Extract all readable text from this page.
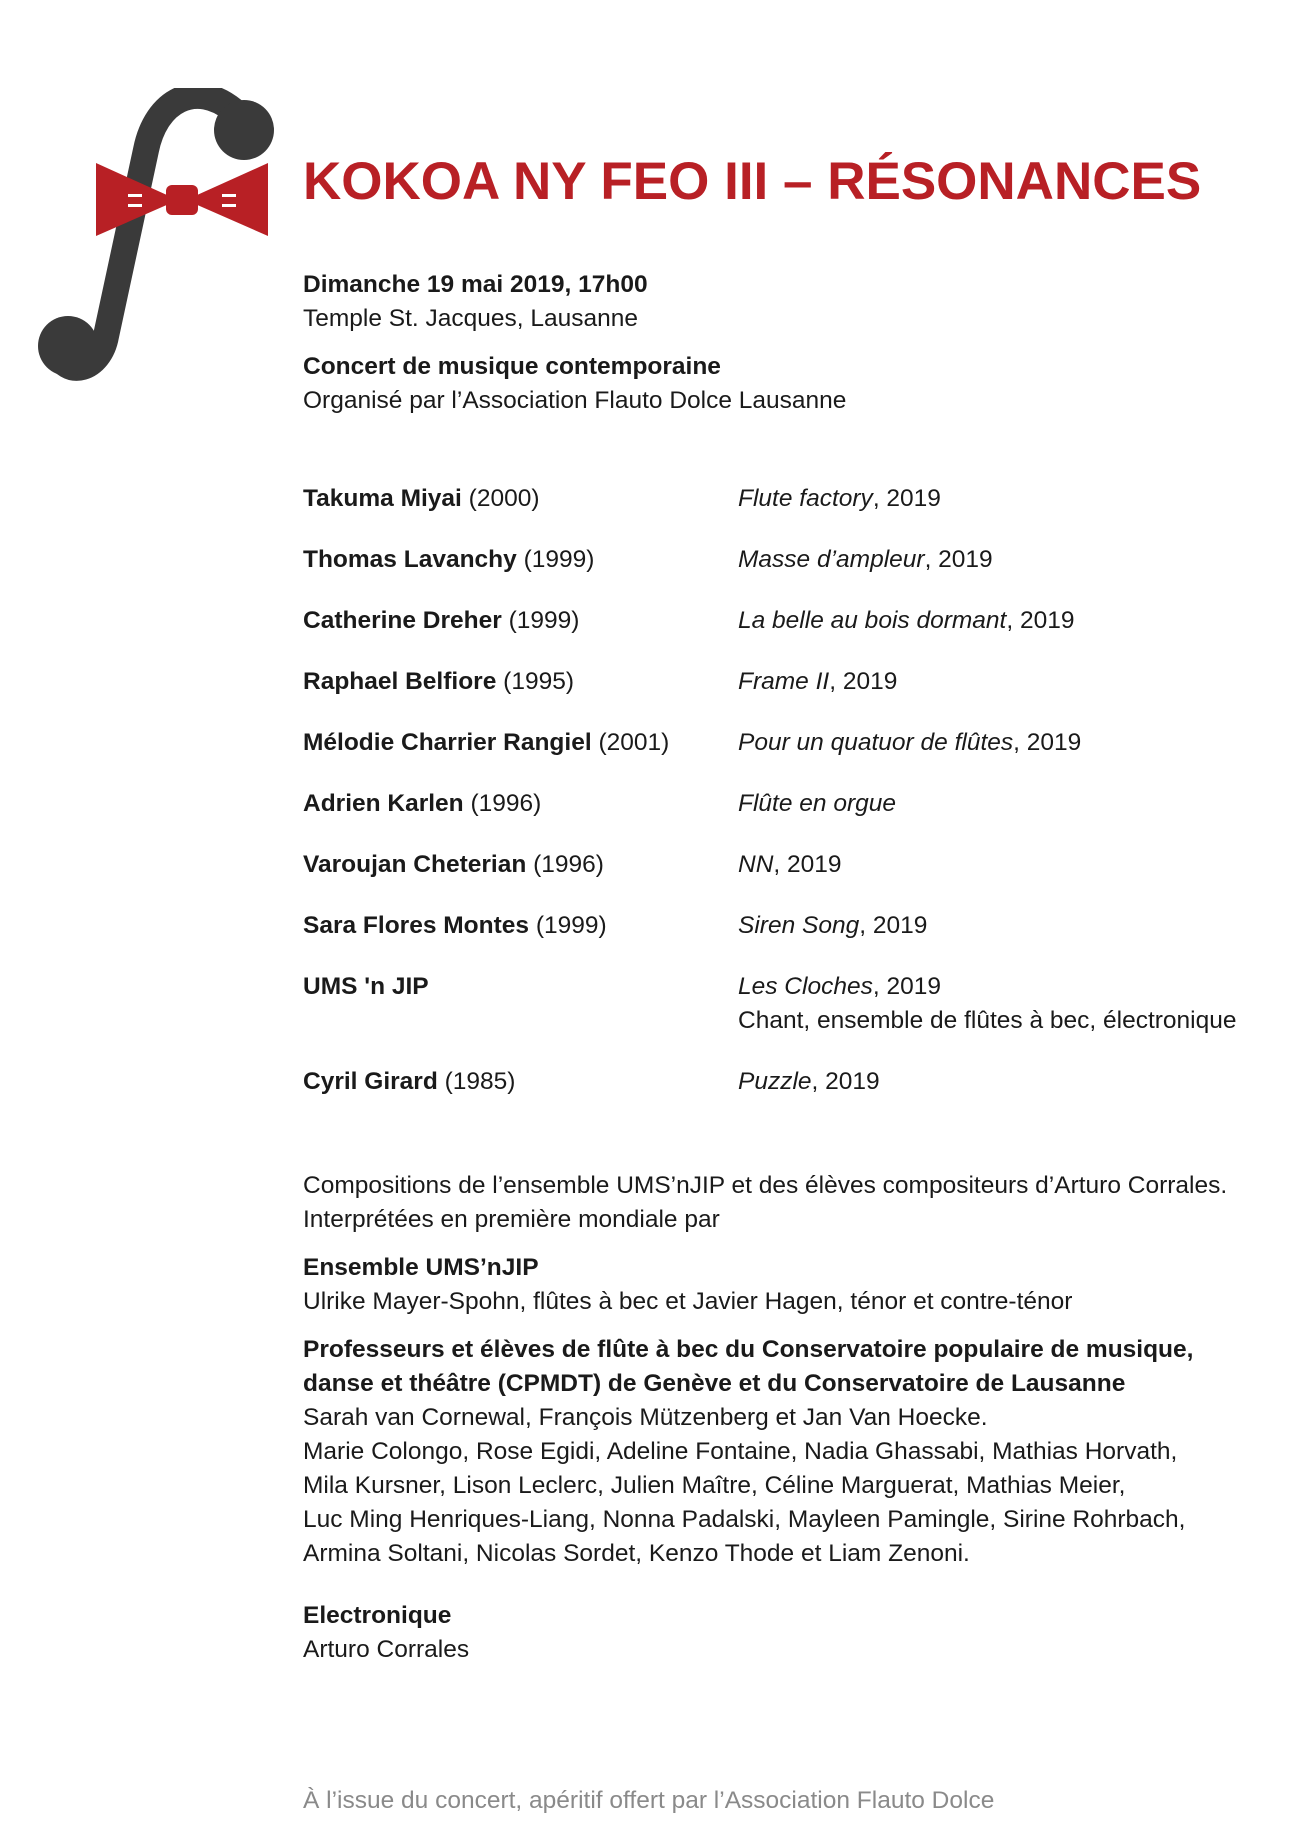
KOKOA NY FEO III – RÉSONANCES
Dimanche 19 mai 2019, 17h00
Temple St. Jacques, Lausanne
Concert de musique contemporaine
Organisé par l’Association Flauto Dolce Lausanne
Takuma Miyai (2000)	Flute factory, 2019
Thomas Lavanchy (1999)	Masse d’ampleur, 2019
Catherine Dreher (1999)	La belle au bois dormant, 2019
Raphael Belfiore (1995)	Frame II, 2019
Mélodie Charrier Rangiel (2001)	Pour un quatuor de flûtes, 2019
Adrien Karlen (1996)	Flûte en orgue
Varoujan Cheterian (1996)	NN, 2019
Sara Flores Montes (1999)	Siren Song, 2019
UMS 'n JIP	Les Cloches, 2019
Chant, ensemble de flûtes à bec, électronique
Cyril Girard (1985)	Puzzle, 2019
Compositions de l’ensemble UMS’nJIP et des élèves compositeurs d’Arturo Corrales.
Interprétées en première mondiale par
Ensemble UMS’nJIP
Ulrike Mayer-Spohn, flûtes à bec et Javier Hagen, ténor et contre-ténor
Professeurs et élèves de flûte à bec du Conservatoire populaire de musique,
danse et théâtre (CPMDT) de Genève et du Conservatoire de Lausanne
Sarah van Cornewal, François Mützenberg et Jan Van Hoecke.
Marie Colongo, Rose Egidi, Adeline Fontaine, Nadia Ghassabi, Mathias Horvath,
Mila Kursner, Lison Leclerc, Julien Maître, Céline Marguerat, Mathias Meier,
Luc Ming Henriques-Liang, Nonna Padalski, Mayleen Pamingle, Sirine Rohrbach,
Armina Soltani, Nicolas Sordet, Kenzo Thode et Liam Zenoni.
Electronique
Arturo Corrales
À l’issue du concert, apéritif offert par l’Association Flauto Dolce
